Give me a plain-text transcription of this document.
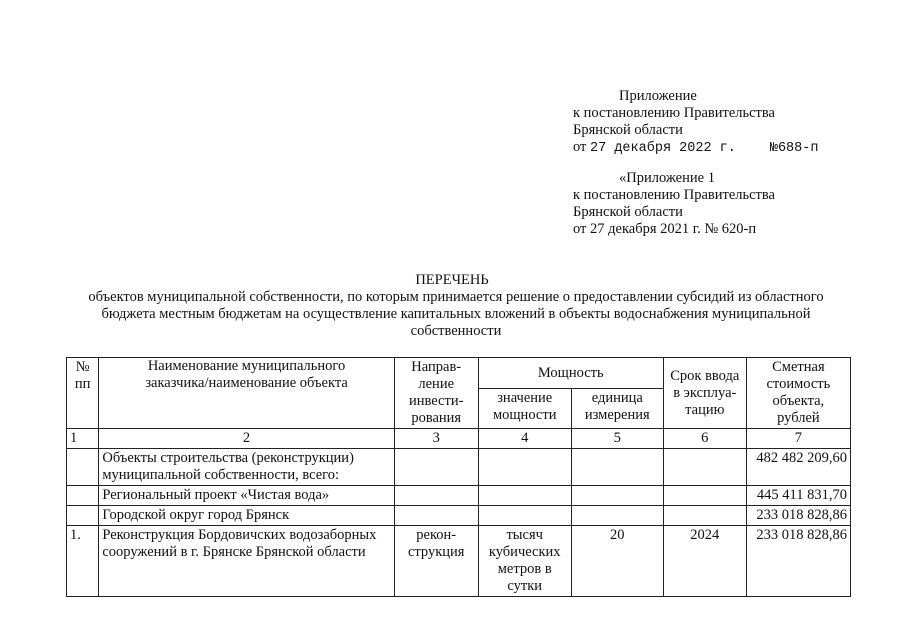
Приложение
к постановлению Правительства
Брянской области
от 27 декабря 2022 г.	№688-п
«Приложение 1
к постановлению Правительства
Брянской области
от 27 декабря 2021 г. № 620-п
ПЕРЕЧЕНЬ
объектов муниципальной собственности, по которым принимается решение о предоставлении субсидий из областного бюджета местным бюджетам на осуществление капитальных вложений в объекты водоснабжения муниципальной собственности
№ пп	Наименование муниципального заказчика/наименование объекта	Направ-ление инвести-рования	Мощность		Срок ввода в эксплуа-тацию	Сметная стоимость объекта, рублей
			значение мощности	единица измерения		
1	2	3	4	5	6	7
	Объекты строительства (реконструкции) муниципальной собственности, всего:					482 482 209,60
	Региональный проект «Чистая вода»					445 411 831,70
	Городской округ город Брянск					233 018 828,86
1.	Реконструкция Бордовичских водозаборных сооружений в г. Брянске Брянской области	рекон-струкция	тысяч кубических метров в сутки	20	2024	233 018 828,86
